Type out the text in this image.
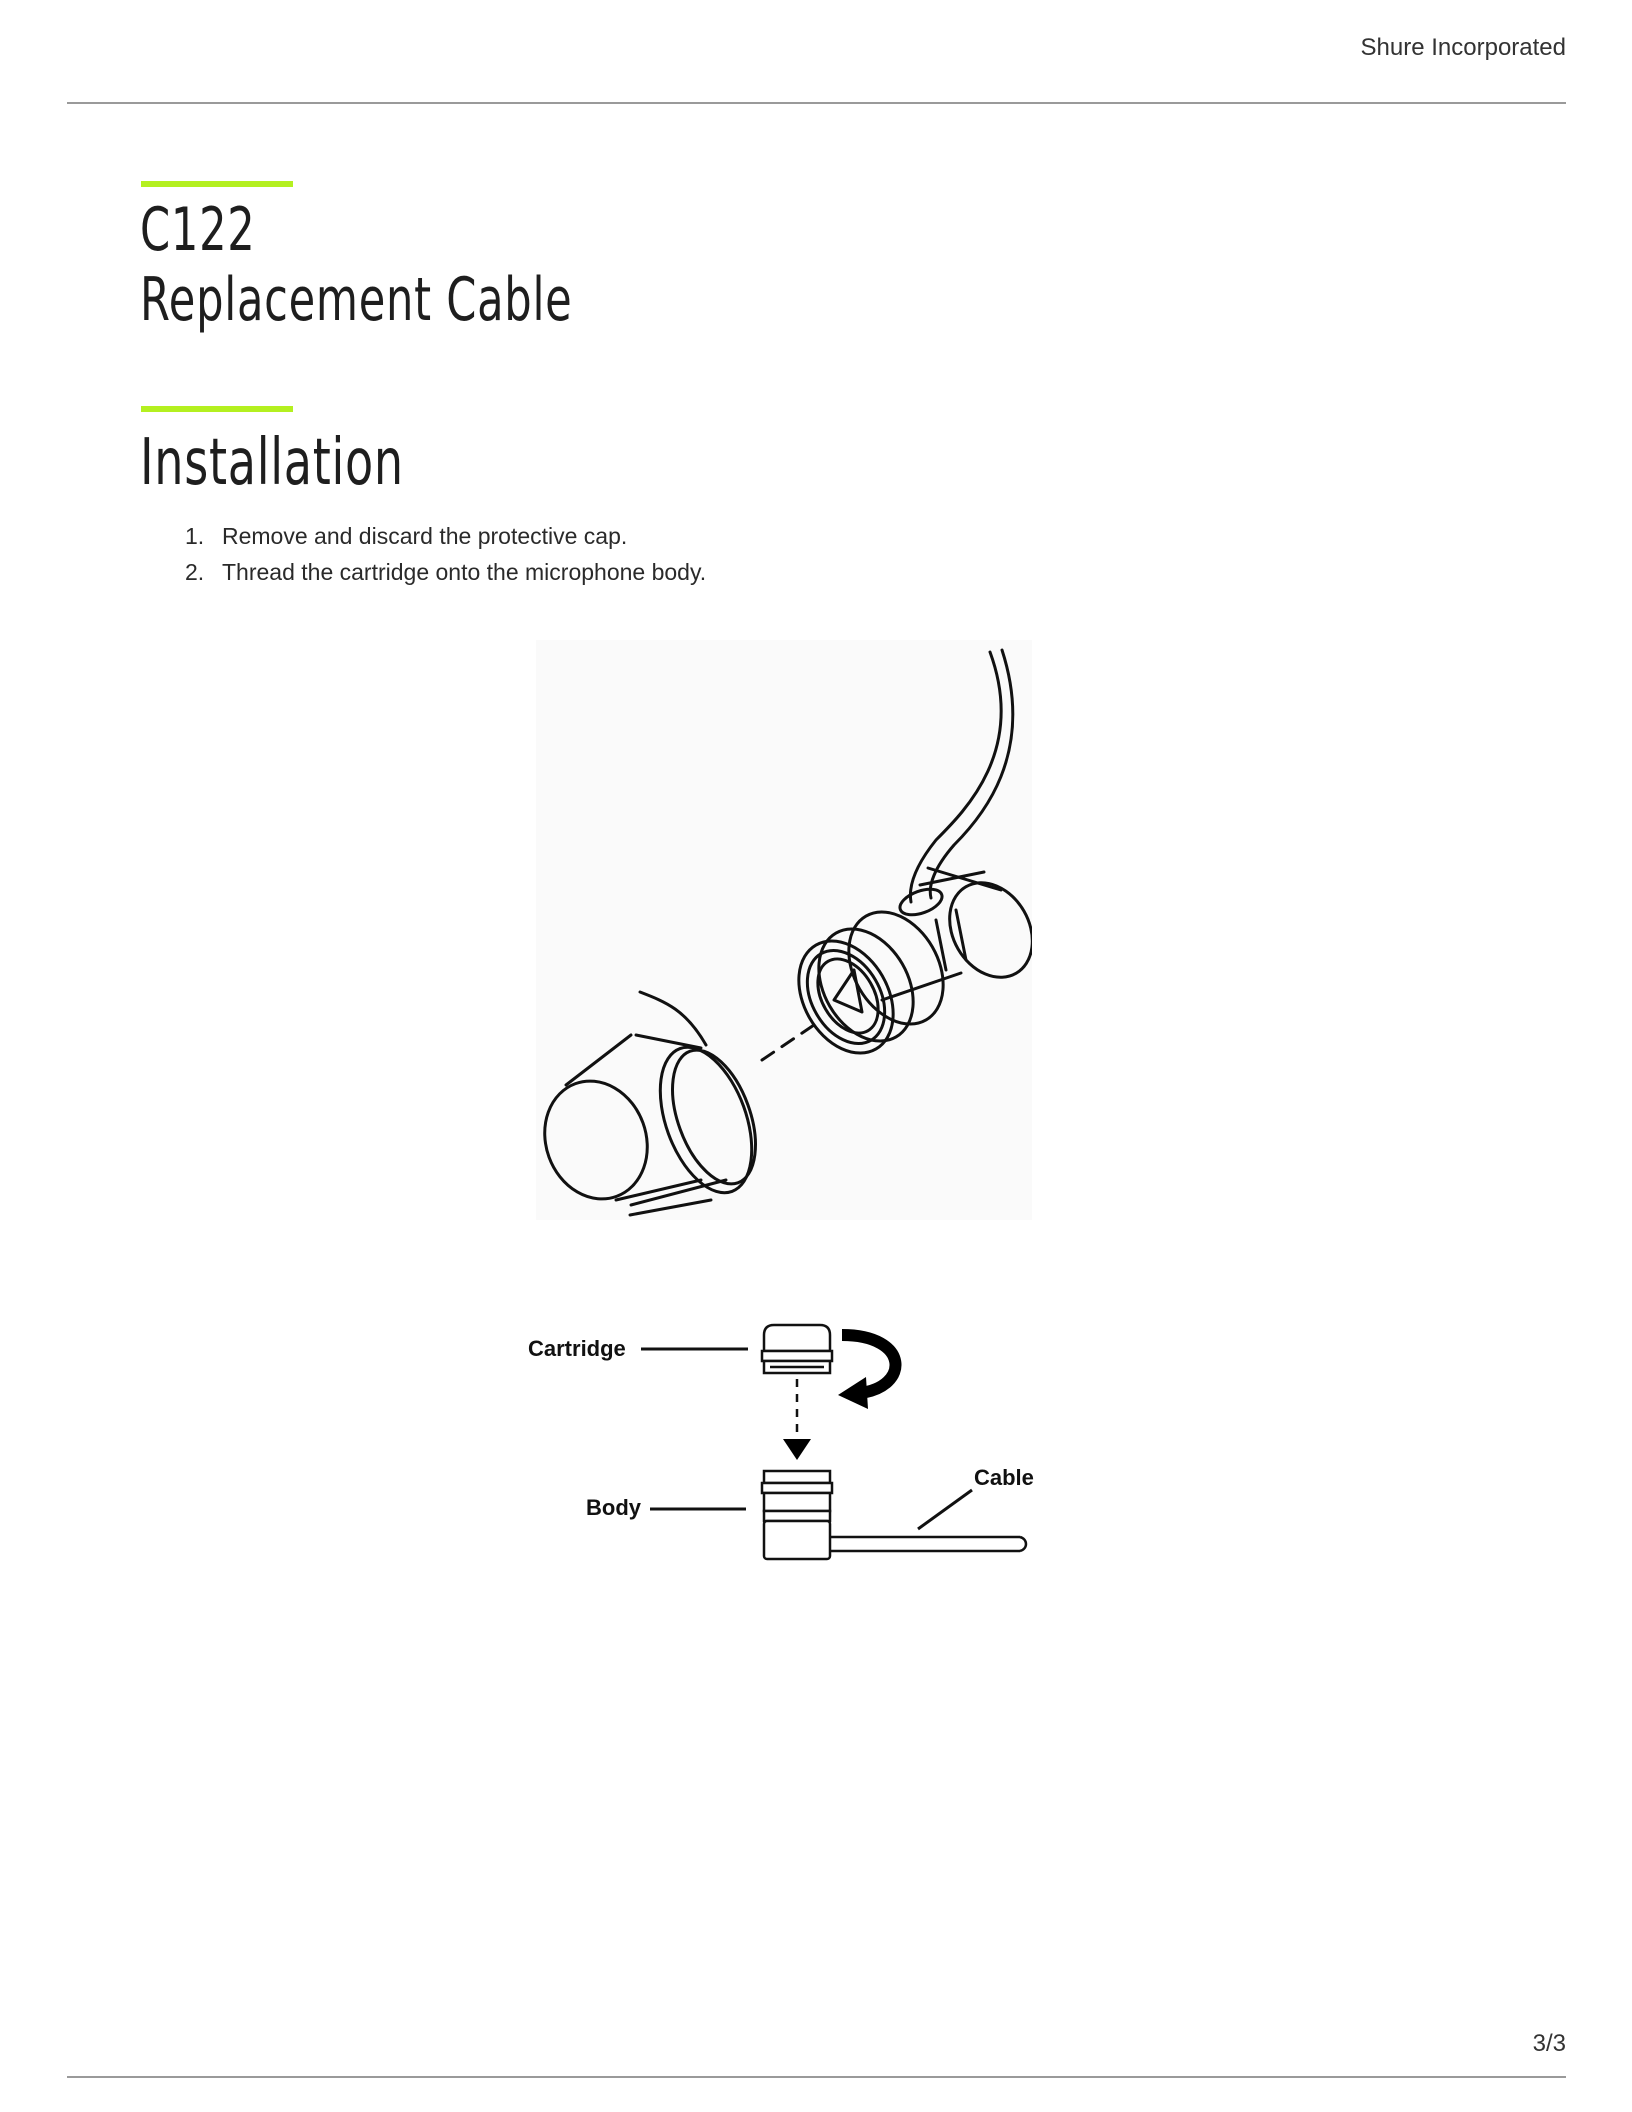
Shure Incorporated
C122
Replacement Cable
Installation
1. Remove and discard the protective cap.
2. Thread the cartridge onto the microphone body.
Cartridge
Body
Cable
3/3
